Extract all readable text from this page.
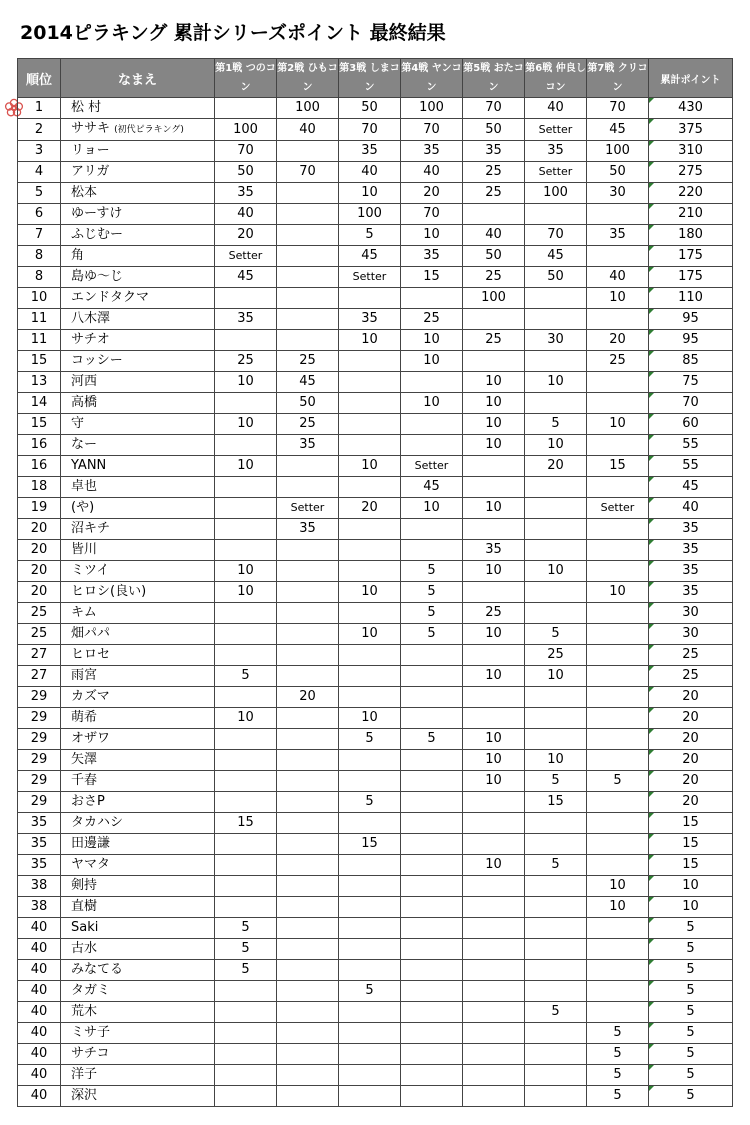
2014ピラキング 累計シリーズポイント 最終結果
順位	なまえ	第1戦 つのコン	第2戦 ひもコン	第3戦 しまコン	第4戦 ヤンコン	第5戦 おたコン	第6戦 仲良しコン	第7戦 クリコン	累計ポイント
1	松 村		100	50	100	70	40	70	430
2	ササキ (初代ピラキング)	100	40	70	70	50	Setter	45	375
3	リョー	70		35	35	35	35	100	310
4	アリガ	50	70	40	40	25	Setter	50	275
5	松本	35		10	20	25	100	30	220
6	ゆーすけ	40		100	70				210
7	ふじむー	20		5	10	40	70	35	180
8	角	Setter		45	35	50	45		175
8	島ゆ～じ	45		Setter	15	25	50	40	175
10	エンドタクマ					100		10	110
11	八木澤	35		35	25				95
11	サチオ			10	10	25	30	20	95
15	コッシー	25	25		10			25	85
13	河西	10	45			10	10		75
14	高橋		50		10	10			70
15	守	10	25			10	5	10	60
16	なー		35			10	10		55
16	YANN	10		10	Setter		20	15	55
18	卓也				45				45
19	(や)		Setter	20	10	10		Setter	40
20	沼キチ		35						35
20	皆川					35			35
20	ミツイ	10			5	10	10		35
20	ヒロシ(良い)	10		10	5			10	35
25	キム				5	25			30
25	畑パパ			10	5	10	5		30
27	ヒロセ						25		25
27	雨宮	5				10	10		25
29	カズマ		20						20
29	萌希	10		10					20
29	オザワ			5	5	10			20
29	矢澤					10	10		20
29	千春					10	5	5	20
29	おさP			5			15		20
35	タカハシ	15							15
35	田邊謙			15					15
35	ヤマタ					10	5		15
38	剣持							10	10
38	直樹							10	10
40	Saki	5							5
40	古水	5							5
40	みなてる	5							5
40	タガミ			5					5
40	荒木						5		5
40	ミサ子							5	5
40	サチコ							5	5
40	洋子							5	5
40	深沢							5	5
